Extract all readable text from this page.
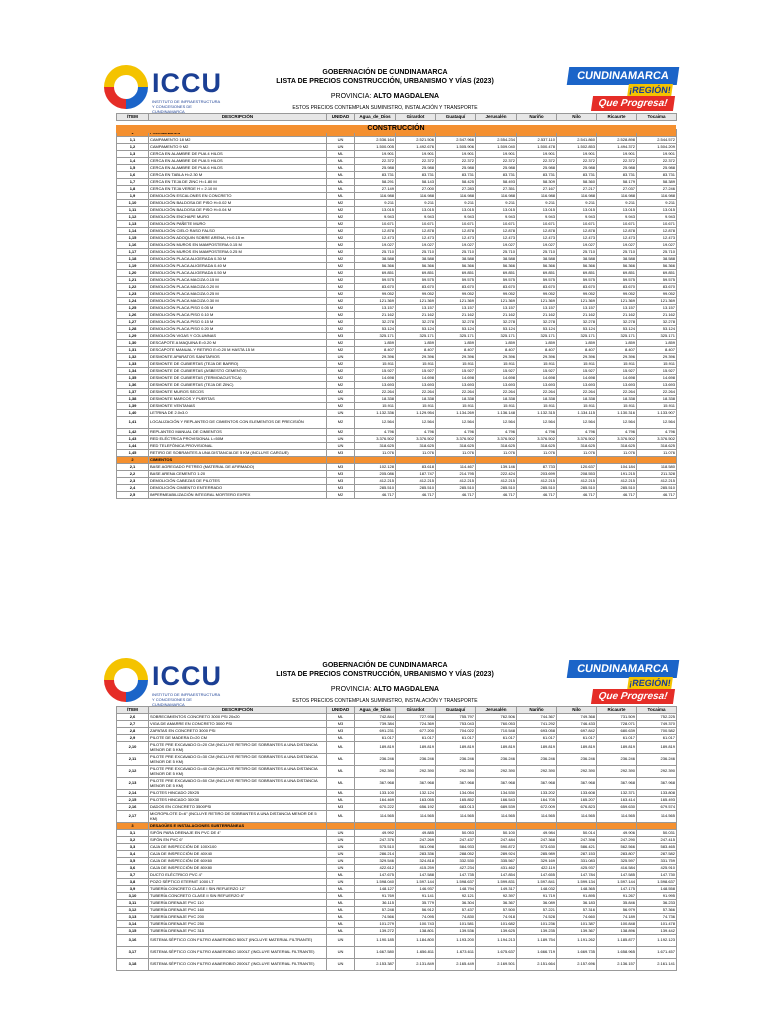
ICCU
INSTITUTO DE INFRAESTRUCTURA Y CONCESIONES DE CUNDINAMARCA
GOBERNACIÓN DE CUNDINAMARCA
LISTA DE PRECIOS CONSTRUCCIÓN, URBANISMO Y VÍAS (2023)
PROVINCIA: ALTO MAGDALENA
ESTOS PRECIOS CONTEMPLAN SUMINISTRO, INSTALACIÓN Y TRANSPORTE
CUNDINAMARCA
¡REGIÓN!
Que Progresa!
ÍTEM	DESCRIPCIÓN	UNIDAD	Agua_de_Dios	Girardot	Guataquí	Jerusalén	Nariño	Nilo	Ricaurte	Tocaima

1,1	CAMPAMENTO 18 M2	UN	2.536.164	2.521.506	2.547.966	2.554.234	2.537.110	2.541.860	2.528.898	2.544.572
1,2	CAMPAMENTO 9 M2	UN	1.500.005	1.492.676	1.505.906	1.509.040	1.500.478	1.502.853	1.494.372	1.504.209
1,3	CERCA EN ALAMBRE DE PUA 4 HILOS	ML	19.901	19.901	19.901	19.901	19.901	19.901	19.901	19.901
1,4	CERCA EN ALAMBRE DE PUA 5 HILOS	ML	22.372	22.372	22.372	22.372	22.372	22.372	22.372	22.372
1,5	CERCA EN ALAMBRE DE PUA 6 HILOS	ML	25.988	25.988	25.988	25.988	25.988	25.988	25.988	25.988
1,6	CERCA EN TABLA H=2.30 M	ML	83.731	83.731	83.731	83.731	83.731	83.731	83.731	83.731
1,7	CERCA EN TEJA DE ZINC H=1.80 M	ML	58.291	58.143	58.425	58.493	58.309	58.360	58.179	58.389
1,8	CERCA EN TEJA VERDE H = 2.10 M	ML	27.149	27.000	27.283	27.351	27.167	27.217	27.037	27.246
1,9	DEMOLICIÓN ESCALONES EN CONCRETO	ML	116.988	116.988	116.988	116.988	116.988	116.988	116.988	116.988
1,10	DEMOLICIÓN BALDOSA DE PISO H=0.02 M	M2	9.211	9.211	9.211	9.211	9.211	9.211	9.211	9.211
1,11	DEMOLICIÓN BALDOSA DE PISO H=0.04 M	M2	13.015	13.015	13.015	13.015	13.015	13.015	13.015	13.015
1,12	DEMOLICIÓN ENCHAPE MURO	M2	9.943	9.943	9.943	9.943	9.943	9.943	9.943	9.943
1,13	DEMOLICIÓN PAÑETE MURO	M2	10.671	10.671	10.671	10.671	10.671	10.671	10.671	10.671
1,14	DEMOLICIÓN CIELO RASO FALSO	M2	12.878	12.878	12.878	12.878	12.878	12.878	12.878	12.878
1,15	DEMOLICIÓN ADOQUIN SOBRE ARENA, H=0.15 m	M2	12.473	12.473	12.473	12.473	12.473	12.473	12.473	12.473
1,16	DEMOLICIÓN MUROS EN MAMPOSTERIA 0.15 M	M2	19.027	19.027	19.027	19.027	19.027	19.027	19.027	19.027
1,17	DEMOLICIÓN MUROS EN MAMPOSTERIA 0.25 M	M2	25.710	25.710	25.710	25.710	25.710	25.710	25.710	25.710
1,18	DEMOLICIÓN PLACA ALIGERADA 0.30 M	M2	38.588	38.588	38.588	38.588	38.588	38.588	38.588	38.588
1,19	DEMOLICIÓN PLACA ALIGERADA 0.40 M	M2	56.366	56.366	56.366	56.366	56.366	56.366	56.366	56.366
1,20	DEMOLICIÓN PLACA ALIGERADA 0.50 M	M2	69.851	69.851	69.851	69.851	69.851	69.851	69.851	69.851
1,21	DEMOLICIÓN PLACA MACIZA 0.15 M	M2	59.575	59.575	59.575	59.575	59.575	59.575	59.575	59.575
1,22	DEMOLICIÓN PLACA MACIZA 0.20 M	M2	83.670	83.670	83.670	83.670	83.670	83.670	83.670	83.670
1,23	DEMOLICIÓN PLACA MACIZA 0.25 M	M2	99.052	99.052	99.052	99.052	99.052	99.052	99.052	99.052
1,24	DEMOLICIÓN PLACA MACIZA 0.30 M	M2	121.369	121.369	121.369	121.369	121.369	121.369	121.369	121.369
1,25	DEMOLICIÓN PLACA PISO 0.05 M	M2	13.157	13.157	13.157	13.157	13.157	13.157	13.157	13.157
1,26	DEMOLICIÓN PLACA PISO 0.10 M	M2	21.162	21.162	21.162	21.162	21.162	21.162	21.162	21.162
1,27	DEMOLICIÓN PLACA PISO 0.15 M	M2	32.278	32.278	32.278	32.278	32.278	32.278	32.278	32.278
1,28	DEMOLICIÓN PLACA PISO 0.20 M	M2	53.124	53.124	53.124	53.124	53.124	53.124	53.124	53.124
1,29	DEMOLICIÓN VIGAS Y COLUMNAS	M3	325.171	325.171	325.171	325.171	325.171	325.171	325.171	325.171
1,30	DESCAPOTE A MAQUINA E=0.20 M	M2	1.859	1.859	1.859	1.859	1.859	1.859	1.859	1.859
1,31	DESCAPOTE MANUAL Y RETIRO E=0.20 M HASTA 15 M	M2	8.407	8.407	8.407	8.407	8.407	8.407	8.407	8.407
1,32	DESMONTE APARATOS SANITARIOS	UN	29.396	29.396	29.396	29.396	29.396	29.396	29.396	29.396
1,33	DESMONTE DE CUBIERTAS (TEJA DE BARRO)	M2	15.911	15.911	15.911	15.911	15.911	15.911	15.911	15.911
1,34	DESMONTE DE CUBIERTAS (ASBESTO CEMENTO)	M2	15.927	15.927	15.927	15.927	15.927	15.927	15.927	15.927
1,35	DESMONTE DE CUBIERTAS (TERMOACUSTICA)	M2	14.698	14.698	14.698	14.698	14.698	14.698	14.698	14.698
1,36	DESMONTE DE CUBIERTAS (TEJA DE ZINC)	M2	13.693	13.693	13.693	13.693	13.693	13.693	13.693	13.693
1,37	DESMONTE MUROS SECOS	M2	22.264	22.264	22.264	22.264	22.264	22.264	22.264	22.264
1,38	DESMONTE MARCOS Y PUERTAS	UN	18.338	18.338	18.338	18.338	18.338	18.338	18.338	18.338
1,39	DESMONTE VENTANAS	M2	15.911	15.911	15.911	15.911	15.911	15.911	15.911	15.911
1,40	LETRINA DE 2.0x3.0	UN	1.132.336	1.129.954	1.134.269	1.136.148	1.132.315	1.134.115	1.130.316	1.133.907
1,41	LOCALIZACIÓN Y REPLANTEO DE CIMIENTOS CON ELEMENTOS DE PRECISIÓN	M2	12.564	12.564	12.564	12.564	12.564	12.564	12.564	12.564
1,42	REPLANTEO MANUAL DE CIMIENTOS	M2	4.796	4.796	4.796	4.796	4.796	4.796	4.796	4.796
1,43	RED ELÉCTRICA PROVISIONAL L=50M	UN	3.376.502	3.376.502	3.376.502	3.376.502	3.376.502	3.376.502	3.376.502	3.376.502
1,44	RED TELEFÓNICA PROVISIONAL	UN	318.625	318.625	318.625	318.625	318.625	318.625	318.625	318.625
1,45	RETIRO DE SOBRANTES A UNA DISTANCIA DE 5 KM (INCLUYE CARGUE)	M3	11.076	11.076	11.076	11.076	11.076	11.076	11.076	11.076
2	CIMIENTOS									
2,1	BASE AGREGADO PETREO (MATERIAL DE AFIRMADO)	M3	102.128	83.618	114.467	139.146	87.733	120.637	104.184	118.580
2,2	BASE ARENA CEMENTO 1:20	M3	205.086	187.747	214.795	222.424	203.699	208.553	191.215	211.328
2,3	DEMOLICIÓN CABEZAS DE PILOTES	M3	412.215	412.215	412.215	412.215	412.215	412.215	412.215	412.215
2,4	DEMOLICIÓN CIMIENTO ENTERRADO	M3	285.510	285.510	285.510	285.510	285.510	285.510	285.510	285.510
2,5	IMPERMEABILIZACIÓN INTEGRAL MORTERO EXPEX	M2	46.717	46.717	46.717	46.717	46.717	46.717	46.717	46.717
CONSTRUCCIÓN
ICCU
INSTITUTO DE INFRAESTRUCTURA Y CONCESIONES DE CUNDINAMARCA
GOBERNACIÓN DE CUNDINAMARCA
LISTA DE PRECIOS CONSTRUCCIÓN, URBANISMO Y VÍAS (2023)
PROVINCIA: ALTO MAGDALENA
ESTOS PRECIOS CONTEMPLAN SUMINISTRO, INSTALACIÓN Y TRANSPORTE
CUNDINAMARCA
¡REGIÓN!
Que Progresa!
ÍTEM	DESCRIPCIÓN	UNIDAD	Agua_de_Dios	Girardot	Guataquí	Jerusalén	Nariño	Nilo	Ricaurte	Tocaima
2,6	SOBRECIMIENTOS CONCRETO 3000 PSI 20x20	ML	742.844	727.938	755.797	762.506	744.367	749.368	731.509	752.225
2,7	VIGA DE AMARRE EN CONCRETO 3000 PSI	M3	739.384	724.369	753.043	760.053	741.292	746.433	728.071	749.370
2,8	ZAPATAS EN CONCRETO 3000 PSI	M3	691.231	677.200	704.022	710.548	693.058	697.842	680.639	700.582
2,9	PILOTE DE MADERA D=20 CM	ML	61.017	61.017	61.017	61.017	61.017	61.017	61.017	61.017
2,10	PILOTE PRE EXCAVADO D=20 CM (INCLUYE RETIRO DE SOBRANTES A UNA DISTANCIA MENOR DE 5 KM)	ML	189.819	189.819	189.819	189.819	189.819	189.819	189.819	189.819
2,11	PILOTE PRE EXCAVADO D=30 CM (INCLUYE RETIRO DE SOBRANTES A UNA DISTANCIA MENOR DE 5 KM)	ML	236.246	236.246	236.246	236.246	236.246	236.246	236.246	236.246
2,12	PILOTE PRE EXCAVADO D=40 CM (INCLUYE RETIRO DE SOBRANTES A UNA DISTANCIA MENOR DE 5 KM)	ML	292.390	292.390	292.390	292.390	292.390	292.390	292.390	292.390
2,13	PILOTE PRE EXCAVADO D=50 CM (INCLUYE RETIRO DE SOBRANTES A UNA DISTANCIA MENOR DE 5 KM)	ML	367.968	367.968	367.968	367.968	367.968	367.968	367.968	367.968
2,14	PILOTES HINCADO 25X25	ML	133.100	132.124	134.054	134.530	133.202	133.608	132.371	133.808
2,15	PILOTES HINCADO 30X30	ML	164.469	163.055	165.852	166.543	164.705	165.207	163.414	165.493
2,16	DADOS EN CONCRETO 3500PSI	M3	670.222	656.192	683.013	689.539	672.009	676.823	659.630	679.574
2,17	MICROPILOTE D=6" (INCLUYE RETIRO DE SOBRANTES A UNA DISTANCIA MENOR DE 5 KM)	ML	114.565	114.565	114.565	114.565	114.565	114.565	114.565	114.565
3	DESAGÜES E INSTALACIONES SUBTERRÁNEAS									
3,1	SIFÓN PARA DRENAJE EN PVC DE 4"	UN	49.992	49.885	50.053	50.100	49.984	50.014	49.906	50.031
3,2	SIFÓN EN PVC 6"	UN	247.376	247.269	247.437	247.484	247.368	247.398	247.290	247.415
3,3	CAJA DE INSPECCIÓN DE 100X100	UN	575.510	561.098	584.933	590.872	573.630	586.421	562.566	583.465
3,4	CAJA DE INSPECCIÓN DE 40X40	UN	286.214	283.336	288.052	289.924	285.989	287.153	283.807	287.582
3,5	CAJA DE INSPECCIÓN DE 60X60	UN	329.546	324.818	332.530	335.567	329.169	331.083	325.597	331.759
3,6	CAJA DE INSPECCIÓN DE 80X80	UN	422.612	415.259	427.234	431.462	422.119	425.937	416.584	425.910
3,7	DUCTO ELÉCTRICO PVC 4"	ML	147.675	147.588	147.735	147.854	147.655	147.784	147.585	147.730
3,8	POZO SÉPTICO ETERNIT 1000 LT	UN	1.598.040	1.597.144	1.598.637	1.599.831	1.597.841	1.599.134	1.597.144	1.598.637
3,9	TUBERÍA CONCRETO CLASE I SIN REFUERZO 12"	ML	148.127	146.937	148.794	149.317	148.032	148.365	147.175	148.558
3,10	TUBERÍA CONCRETO CLASE II SIN REFUERZO 8"	ML	91.769	91.141	92.121	92.397	91.719	91.895	91.267	91.995
3,11	TUBERÍA DRENAJE PVC 110	ML	36.115	35.779	36.304	36.367	36.089	36.183	35.846	36.233
3,12	TUBERÍA DRENAJE PVC 160	ML	57.248	56.912	57.437	57.500	57.221	57.316	56.979	57.366
3,13	TUBERÍA DRENAJE PVC 200	ML	74.566	74.095	74.830	74.918	74.528	74.660	74.189	74.736
3,14	TUBERÍA DRENAJE PVC 250	ML	101.279	100.743	101.581	101.682	101.236	101.387	100.848	101.478
3,15	TUBERÍA DRENAJE PVC 315	ML	139.272	138.801	139.536	139.625	139.235	139.367	138.896	139.442
3,16	SISTEMA SÉPTICO CON FILTRO ANAEROBIO 500LT (INCLUYE MATERIAL FILTRANTE)	UN	1.190.185	1.184.800	1.193.200	1.194.213	1.189.754	1.191.262	1.185.877	1.192.123
3,17	SISTEMA SÉPTICO CON FILTRO ANAEROBIO 1000LT (INCLUYE MATERIAL FILTRANTE)	UN	1.667.580	1.656.811	1.673.611	1.675.637	1.666.719	1.669.735	1.658.965	1.671.457
3,18	SISTEMA SÉPTICO CON FILTRO ANAEROBIO 2000LT (INCLUYE MATERIAL FILTRANTE)	UN	2.153.387	2.131.849	2.165.449	2.169.501	2.151.664	2.157.696	2.136.157	2.161.141
